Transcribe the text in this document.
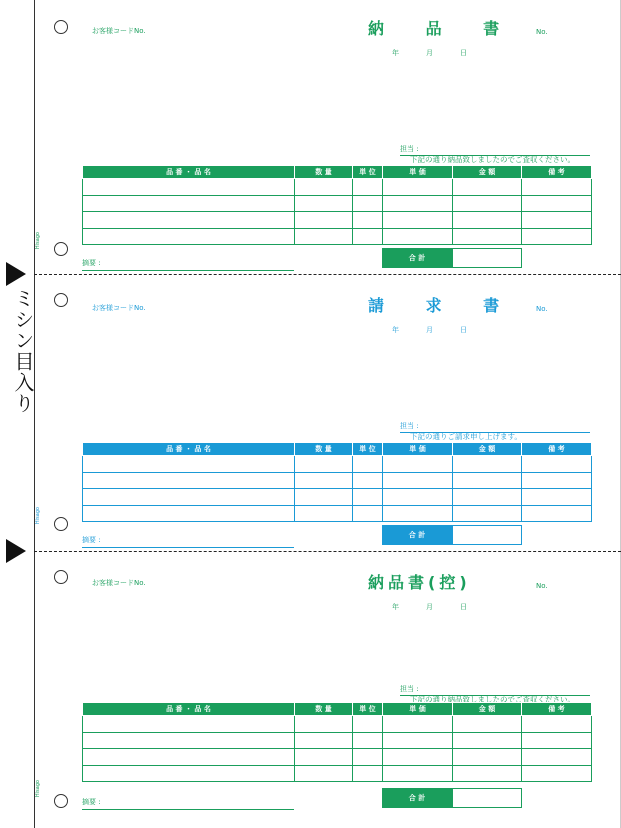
ミシン目入り
Hisago
お客様コードNo.	納 品 書	No.
年	月	日
担当 :
下記の通り納品致しましたのでご査収ください。
品 番 ・ 品 名	数 量	単 位	単 価	金 額	備 考

合 計
摘要 :
Hisago
お客様コードNo.	請 求 書	No.
年	月	日
担当 :
下記の通りご請求申し上げます。
品 番 ・ 品 名	数 量	単 位	単 価	金 額	備 考

合 計
摘要 :
Hisago
お客様コードNo.	納品書(控)	No.
年	月	日
担当 :
下記の通り納品致しましたのでご査収ください。
品 番 ・ 品 名	数 量	単 位	単 価	金 額	備 考

合 計
摘要 :
